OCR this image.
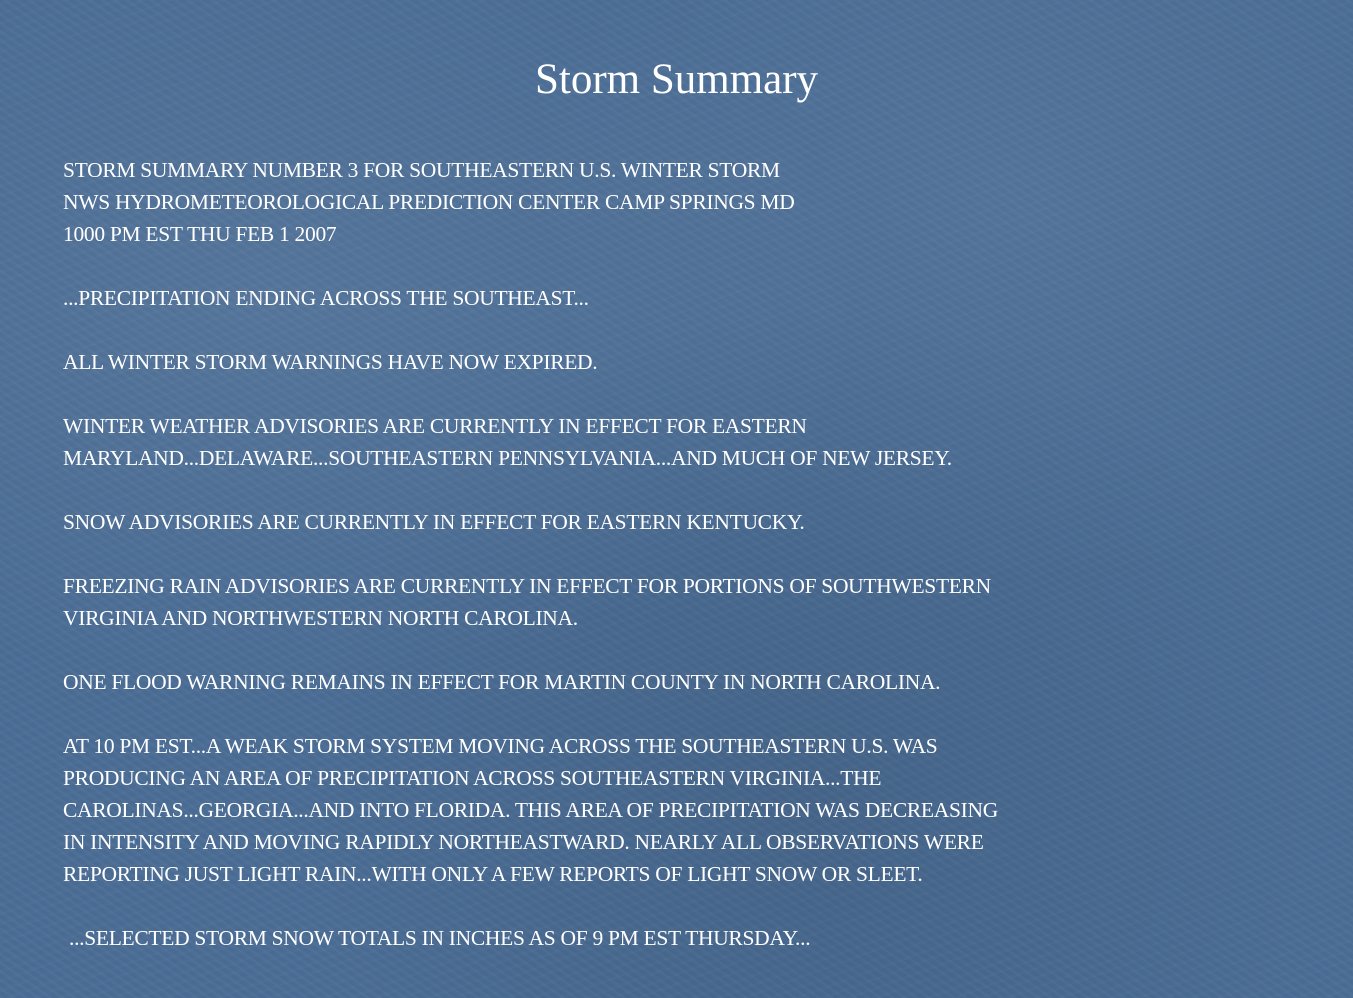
Storm Summary
STORM SUMMARY NUMBER 3 FOR SOUTHEASTERN U.S. WINTER STORM
NWS HYDROMETEOROLOGICAL PREDICTION CENTER CAMP SPRINGS MD
1000 PM EST THU FEB 1 2007
...PRECIPITATION ENDING ACROSS THE SOUTHEAST...
ALL WINTER STORM WARNINGS HAVE NOW EXPIRED.
WINTER WEATHER ADVISORIES ARE CURRENTLY IN EFFECT FOR EASTERN
MARYLAND...DELAWARE...SOUTHEASTERN PENNSYLVANIA...AND MUCH OF NEW JERSEY.
SNOW ADVISORIES ARE CURRENTLY IN EFFECT FOR EASTERN KENTUCKY.
FREEZING RAIN ADVISORIES ARE CURRENTLY IN EFFECT FOR PORTIONS OF SOUTHWESTERN
VIRGINIA AND NORTHWESTERN NORTH CAROLINA.
ONE FLOOD WARNING REMAINS IN EFFECT FOR MARTIN COUNTY IN NORTH CAROLINA.
AT 10 PM EST...A WEAK STORM SYSTEM MOVING ACROSS THE SOUTHEASTERN U.S. WAS
PRODUCING AN AREA OF PRECIPITATION ACROSS SOUTHEASTERN VIRGINIA...THE
CAROLINAS...GEORGIA...AND INTO FLORIDA. THIS AREA OF PRECIPITATION WAS DECREASING
IN INTENSITY AND MOVING RAPIDLY NORTHEASTWARD. NEARLY ALL OBSERVATIONS WERE
REPORTING JUST LIGHT RAIN...WITH ONLY A FEW REPORTS OF LIGHT SNOW OR SLEET.
...SELECTED STORM SNOW TOTALS IN INCHES AS OF 9 PM EST THURSDAY...
